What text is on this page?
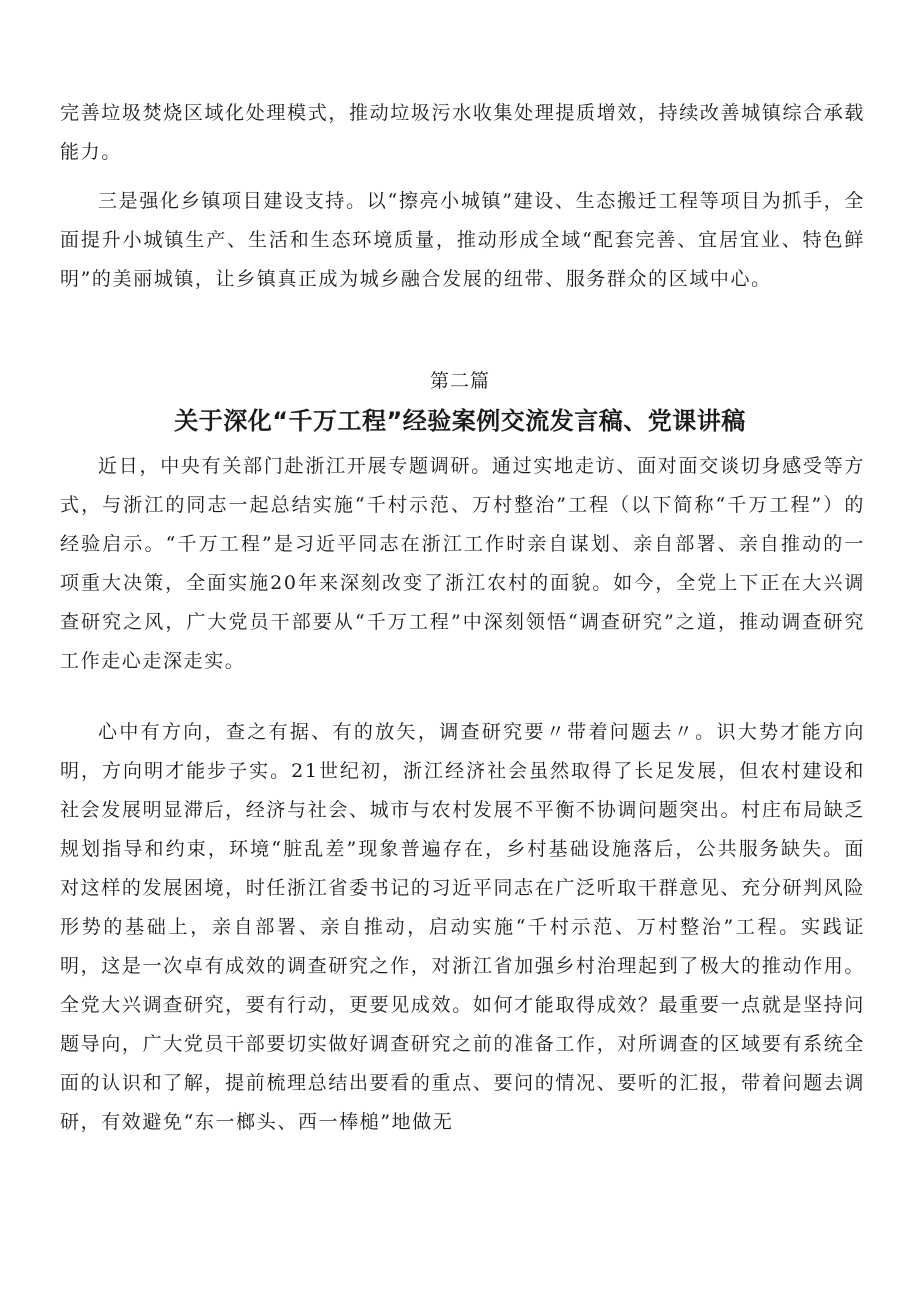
完善垃圾焚烧区域化处理模式，推动垃圾污水收集处理提质增效，持续改善城镇综合承载能力。

三是强化乡镇项目建设支持。以“擦亮小城镇”建设、生态搬迁工程等项目为抓手，全面提升小城镇生产、生活和生态环境质量，推动形成全域“配套完善、宜居宜业、特色鲜明”的美丽城镇，让乡镇真正成为城乡融合发展的纽带、服务群众的区域中心。

第二篇

关于深化“千万工程”经验案例交流发言稿、党课讲稿

近日，中央有关部门赴浙江开展专题调研。通过实地走访、面对面交谈切身感受等方式，与浙江的同志一起总结实施“千村示范、万村整治”工程（以下简称“千万工程”）的经验启示。“千万工程”是习近平同志在浙江工作时亲自谋划、亲自部署、亲自推动的一项重大决策，全面实施20年来深刻改变了浙江农村的面貌。如今，全党上下正在大兴调查研究之风，广大党员干部要从“千万工程”中深刻领悟“调查研究”之道，推动调查研究工作走心走深走实。

心中有方向，查之有据、有的放矢，调查研究要〃带着问题去〃。识大势才能方向明，方向明才能步子实。21世纪初，浙江经济社会虽然取得了长足发展，但农村建设和社会发展明显滞后，经济与社会、城市与农村发展不平衡不协调问题突出。村庄布局缺乏规划指导和约束，环境“脏乱差”现象普遍存在，乡村基础设施落后，公共服务缺失。面对这样的发展困境，时任浙江省委书记的习近平同志在广泛听取干群意见、充分研判风险形势的基础上，亲自部署、亲自推动，启动实施“千村示范、万村整治”工程。实践证明，这是一次卓有成效的调查研究之作，对浙江省加强乡村治理起到了极大的推动作用。全党大兴调查研究，要有行动，更要见成效。如何才能取得成效？最重要一点就是坚持问题导向，广大党员干部要切实做好调查研究之前的准备工作，对所调查的区域要有系统全面的认识和了解，提前梳理总结出要看的重点、要问的情况、要听的汇报，带着问题去调研，有效避免“东一榔头、西一棒槌”地做无
